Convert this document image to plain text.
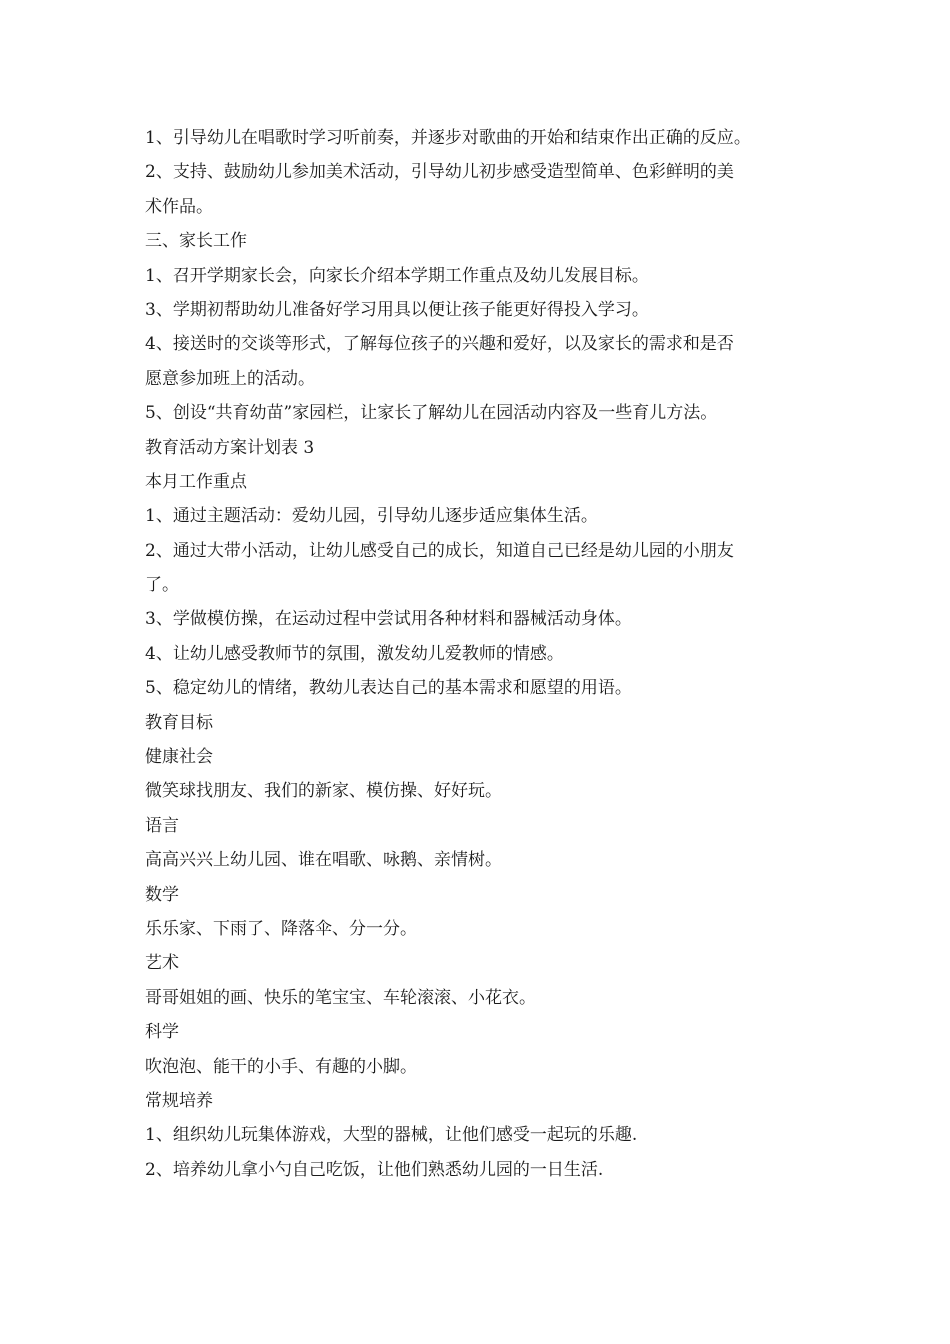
1、引导幼儿在唱歌时学习听前奏，并逐步对歌曲的开始和结束作出正确的反应。

2、支持、鼓励幼儿参加美术活动，引导幼儿初步感受造型简单、色彩鲜明的美

术作品。

三、家长工作

1、召开学期家长会，向家长介绍本学期工作重点及幼儿发展目标。

3、学期初帮助幼儿准备好学习用具以便让孩子能更好得投入学习。

4、接送时的交谈等形式，了解每位孩子的兴趣和爱好，以及家长的需求和是否

愿意参加班上的活动。

5、创设“共育幼苗”家园栏，让家长了解幼儿在园活动内容及一些育儿方法。

教育活动方案计划表 3

本月工作重点

1、通过主题活动：爱幼儿园，引导幼儿逐步适应集体生活。

2、通过大带小活动，让幼儿感受自己的成长，知道自己已经是幼儿园的小朋友

了。

3、学做模仿操，在运动过程中尝试用各种材料和器械活动身体。

4、让幼儿感受教师节的氛围，激发幼儿爱教师的情感。

5、稳定幼儿的情绪，教幼儿表达自己的基本需求和愿望的用语。

教育目标

健康社会

微笑球找朋友、我们的新家、模仿操、好好玩。

语言

高高兴兴上幼儿园、谁在唱歌、咏鹅、亲情树。

数学

乐乐家、下雨了、降落伞、分一分。

艺术

哥哥姐姐的画、快乐的笔宝宝、车轮滚滚、小花衣。

科学

吹泡泡、能干的小手、有趣的小脚。

常规培养

1、组织幼儿玩集体游戏，大型的器械，让他们感受一起玩的乐趣.

2、培养幼儿拿小勺自己吃饭，让他们熟悉幼儿园的一日生活.
